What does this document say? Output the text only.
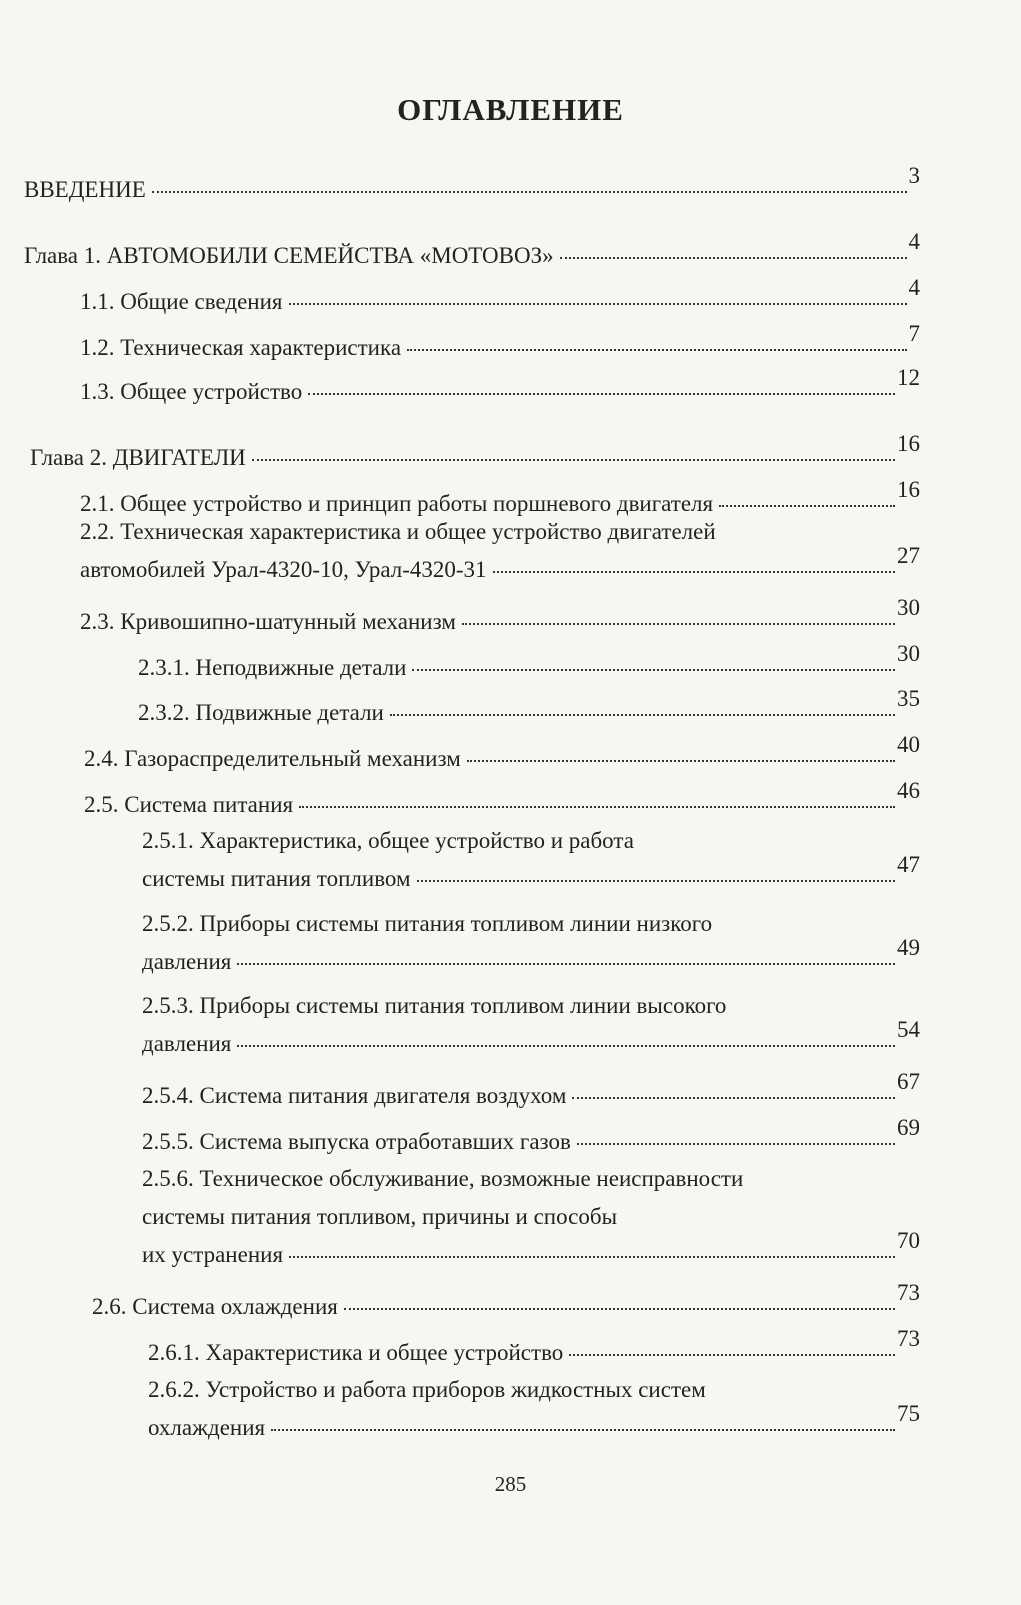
ОГЛАВЛЕНИЕ
ВВЕДЕНИЕ
3
Глава 1. АВТОМОБИЛИ СЕМЕЙСТВА «МОТОВОЗ»
4
1.1. Общие сведения
4
1.2. Техническая характеристика
7
1.3. Общее устройство
12
Глава 2. ДВИГАТЕЛИ
16
2.1. Общее устройство и принцип работы поршневого двигателя
16
2.2. Техническая характеристика и общее устройство двигателей
автомобилей Урал-4320-10, Урал-4320-31
27
2.3. Кривошипно-шатунный механизм
30
2.3.1. Неподвижные детали
30
2.3.2. Подвижные детали
35
2.4. Газораспределительный механизм
40
2.5. Система питания
46
2.5.1. Характеристика, общее устройство и работа
системы питания топливом
47
2.5.2. Приборы системы питания топливом линии низкого
давления
49
2.5.3. Приборы системы питания топливом линии высокого
давления
54
2.5.4. Система питания двигателя воздухом
67
2.5.5. Система выпуска отработавших газов
69
2.5.6. Техническое обслуживание, возможные неисправности
системы питания топливом, причины и способы
их устранения
70
2.6. Система охлаждения
73
2.6.1. Характеристика и общее устройство
73
2.6.2. Устройство и работа приборов жидкостных систем
охлаждения
75
285
